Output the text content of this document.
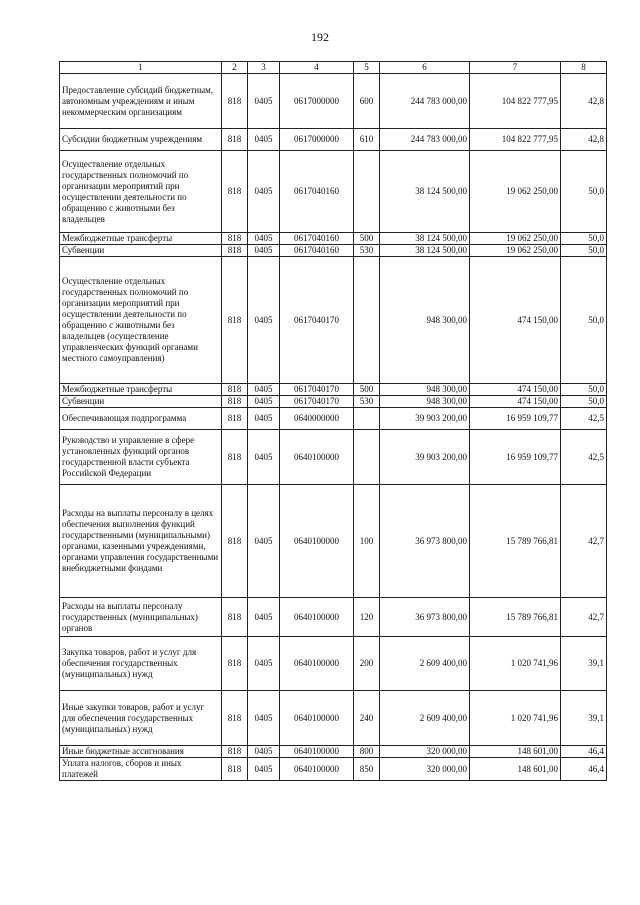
192
1	2	3	4	5	6	7	8
Предоставление субсидий бюджетным, автономным учреждениям и иным некоммерческим организациям	818	0405	0617000000	600	244 783 000,00	104 822 777,95	42,8
Субсидии бюджетным учреждениям	818	0405	0617000000	610	244 783 000,00	104 822 777,95	42,8
Осуществление отдельных государственных полномочий по организации мероприятий при осуществлении деятельности по обращению с животными без владельцев	818	0405	0617040160		38 124 500,00	19 062 250,00	50,0
Межбюджетные трансферты	818	0405	0617040160	500	38 124 500,00	19 062 250,00	50,0
Субвенции	818	0405	0617040160	530	38 124 500,00	19 062 250,00	50,0
Осуществление отдельных государственных полномочий по организации мероприятий при осуществлении деятельности по обращению с животными без владельцев (осуществление управленческих функций органами местного самоуправления)	818	0405	0617040170		948 300,00	474 150,00	50,0
Межбюджетные трансферты	818	0405	0617040170	500	948 300,00	474 150,00	50,0
Субвенции	818	0405	0617040170	530	948 300,00	474 150,00	50,0
Обеспечивающая подпрограмма	818	0405	0640000000		39 903 200,00	16 959 109,77	42,5
Руководство и управление в сфере установленных функций органов государственной власти субъекта Российской Федерации	818	0405	0640100000		39 903 200,00	16 959 109,77	42,5
Расходы на выплаты персоналу в целях обеспечения выполнения функций государственными (муниципальными) органами, казенными учреждениями, органами управления государственными внебюджетными фондами	818	0405	0640100000	100	36 973 800,00	15 789 766,81	42,7
Расходы на выплаты персоналу государственных (муниципальных) органов	818	0405	0640100000	120	36 973 800,00	15 789 766,81	42,7
Закупка товаров, работ и услуг для обеспечения государственных (муниципальных) нужд	818	0405	0640100000	200	2 609 400,00	1 020 741,96	39,1
Иные закупки товаров, работ и услуг для обеспечения государственных (муниципальных) нужд	818	0405	0640100000	240	2 609 400,00	1 020 741,96	39,1
Иные бюджетные ассигнования	818	0405	0640100000	800	320 000,00	148 601,00	46,4
Уплата налогов, сборов и иных платежей	818	0405	0640100000	850	320 000,00	148 601,00	46,4
